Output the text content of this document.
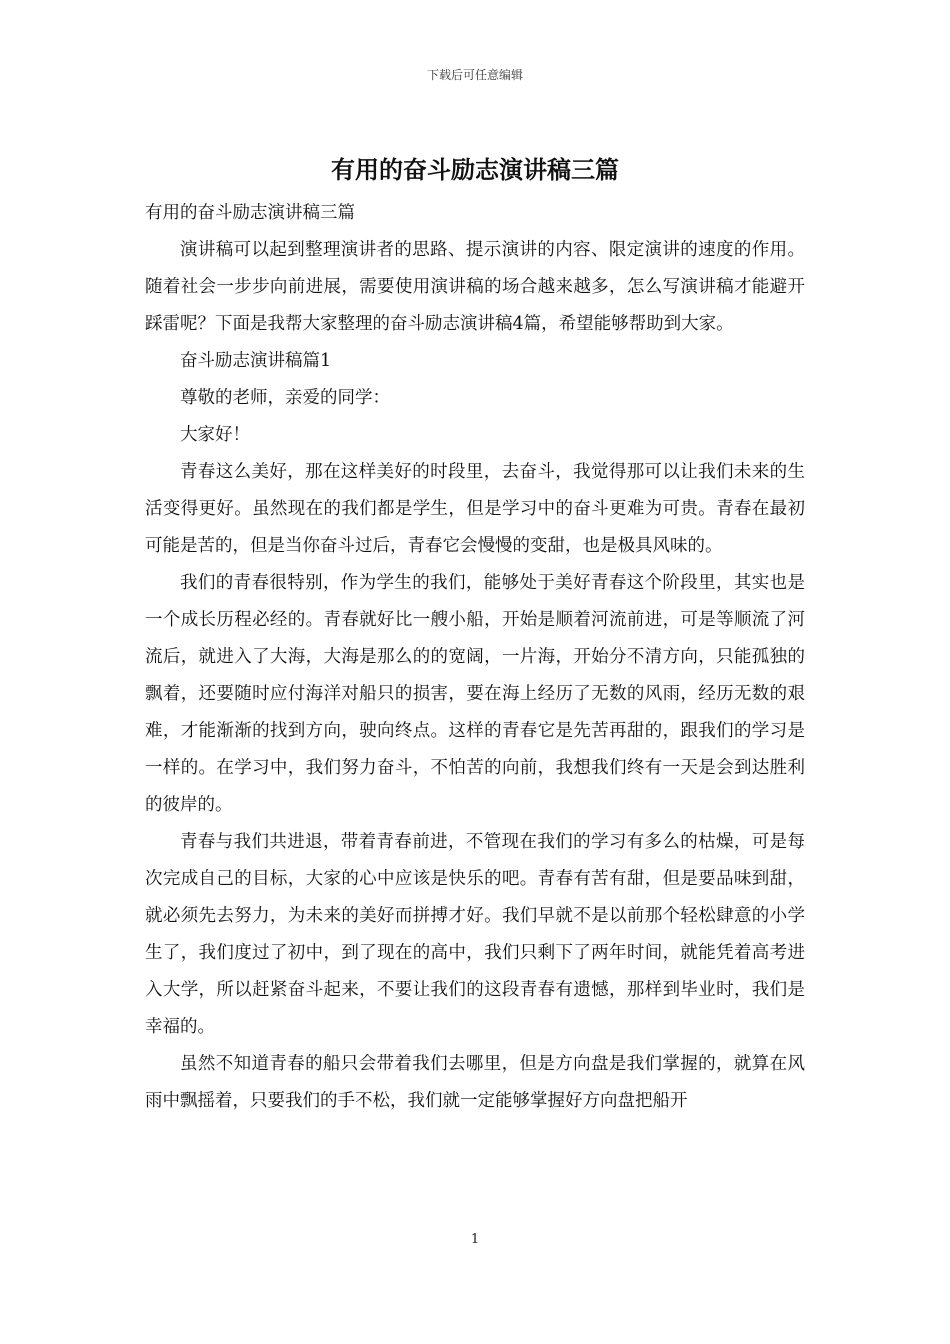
下载后可任意编辑
有用的奋斗励志演讲稿三篇

有用的奋斗励志演讲稿三篇

演讲稿可以起到整理演讲者的思路、提示演讲的内容、限定演讲的速度的作用。随着社会一步步向前进展，需要使用演讲稿的场合越来越多，怎么写演讲稿才能避开踩雷呢？下面是我帮大家整理的奋斗励志演讲稿4篇，希望能够帮助到大家。

奋斗励志演讲稿篇1

尊敬的老师，亲爱的同学：

大家好！

青春这么美好，那在这样美好的时段里，去奋斗，我觉得那可以让我们未来的生活变得更好。虽然现在的我们都是学生，但是学习中的奋斗更难为可贵。青春在最初可能是苦的，但是当你奋斗过后，青春它会慢慢的变甜，也是极具风味的。

我们的青春很特别，作为学生的我们，能够处于美好青春这个阶段里，其实也是一个成长历程必经的。青春就好比一艘小船，开始是顺着河流前进，可是等顺流了河流后，就进入了大海，大海是那么的的宽阔，一片海，开始分不清方向，只能孤独的飘着，还要随时应付海洋对船只的损害，要在海上经历了无数的风雨，经历无数的艰难，才能渐渐的找到方向，驶向终点。这样的青春它是先苦再甜的，跟我们的学习是一样的。在学习中，我们努力奋斗，不怕苦的向前，我想我们终有一天是会到达胜利的彼岸的。

青春与我们共进退，带着青春前进，不管现在我们的学习有多么的枯燥，可是每次完成自己的目标，大家的心中应该是快乐的吧。青春有苦有甜，但是要品味到甜，就必须先去努力，为未来的美好而拼搏才好。我们早就不是以前那个轻松肆意的小学生了，我们度过了初中，到了现在的高中，我们只剩下了两年时间，就能凭着高考进入大学，所以赶紧奋斗起来，不要让我们的这段青春有遗憾，那样到毕业时，我们是幸福的。

虽然不知道青春的船只会带着我们去哪里，但是方向盘是我们掌握的，就算在风雨中飘摇着，只要我们的手不松，我们就一定能够掌握好方向盘把船开

1
